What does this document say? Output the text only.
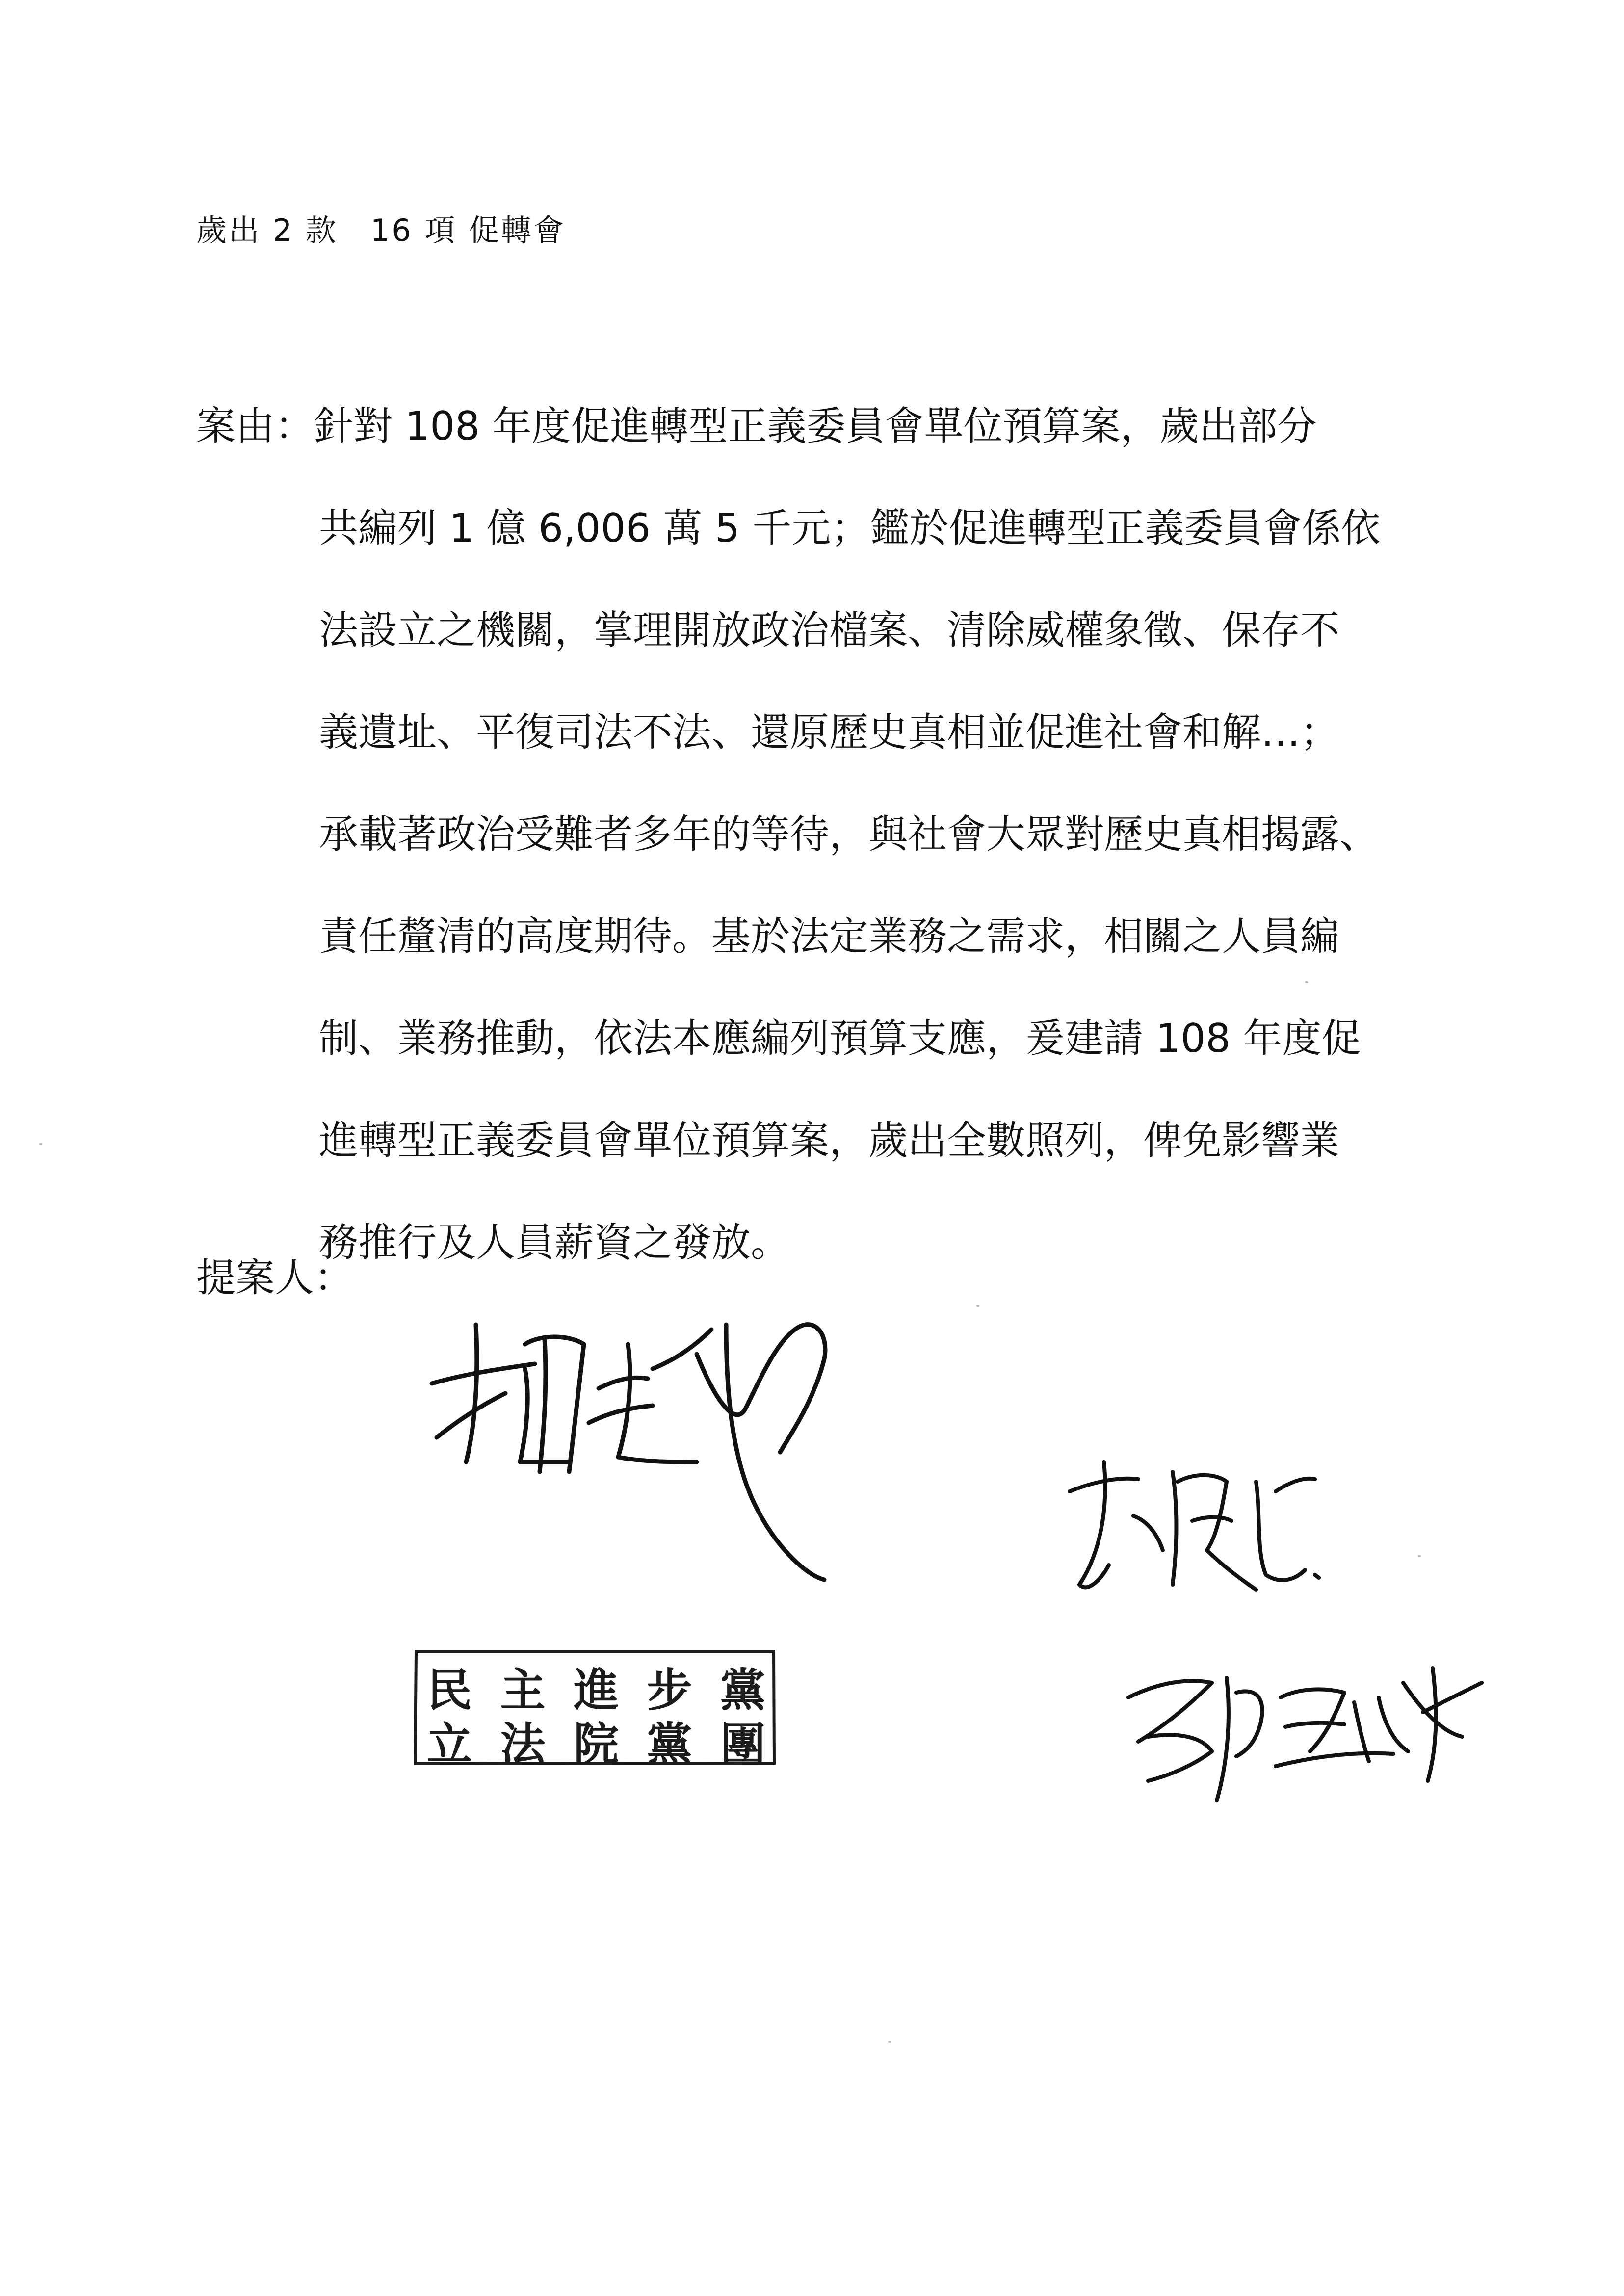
歲出 2 款　16 項 促轉會
案由： 針對 108 年度促進轉型正義委員會單位預算案，歲出部分
共編列 1 億 6,006 萬 5 千元；鑑於促進轉型正義委員會係依
法設立之機關，掌理開放政治檔案、清除威權象徵、保存不
義遺址、平復司法不法、還原歷史真相並促進社會和解…；
承載著政治受難者多年的等待，與社會大眾對歷史真相揭露、
責任釐清的高度期待。基於法定業務之需求，相關之人員編
制、業務推動，依法本應編列預算支應，爰建請 108 年度促
進轉型正義委員會單位預算案，歲出全數照列，俾免影響業
務推行及人員薪資之發放。
提案人：
民 主 進 步 黨
立 法 院 黨 團
